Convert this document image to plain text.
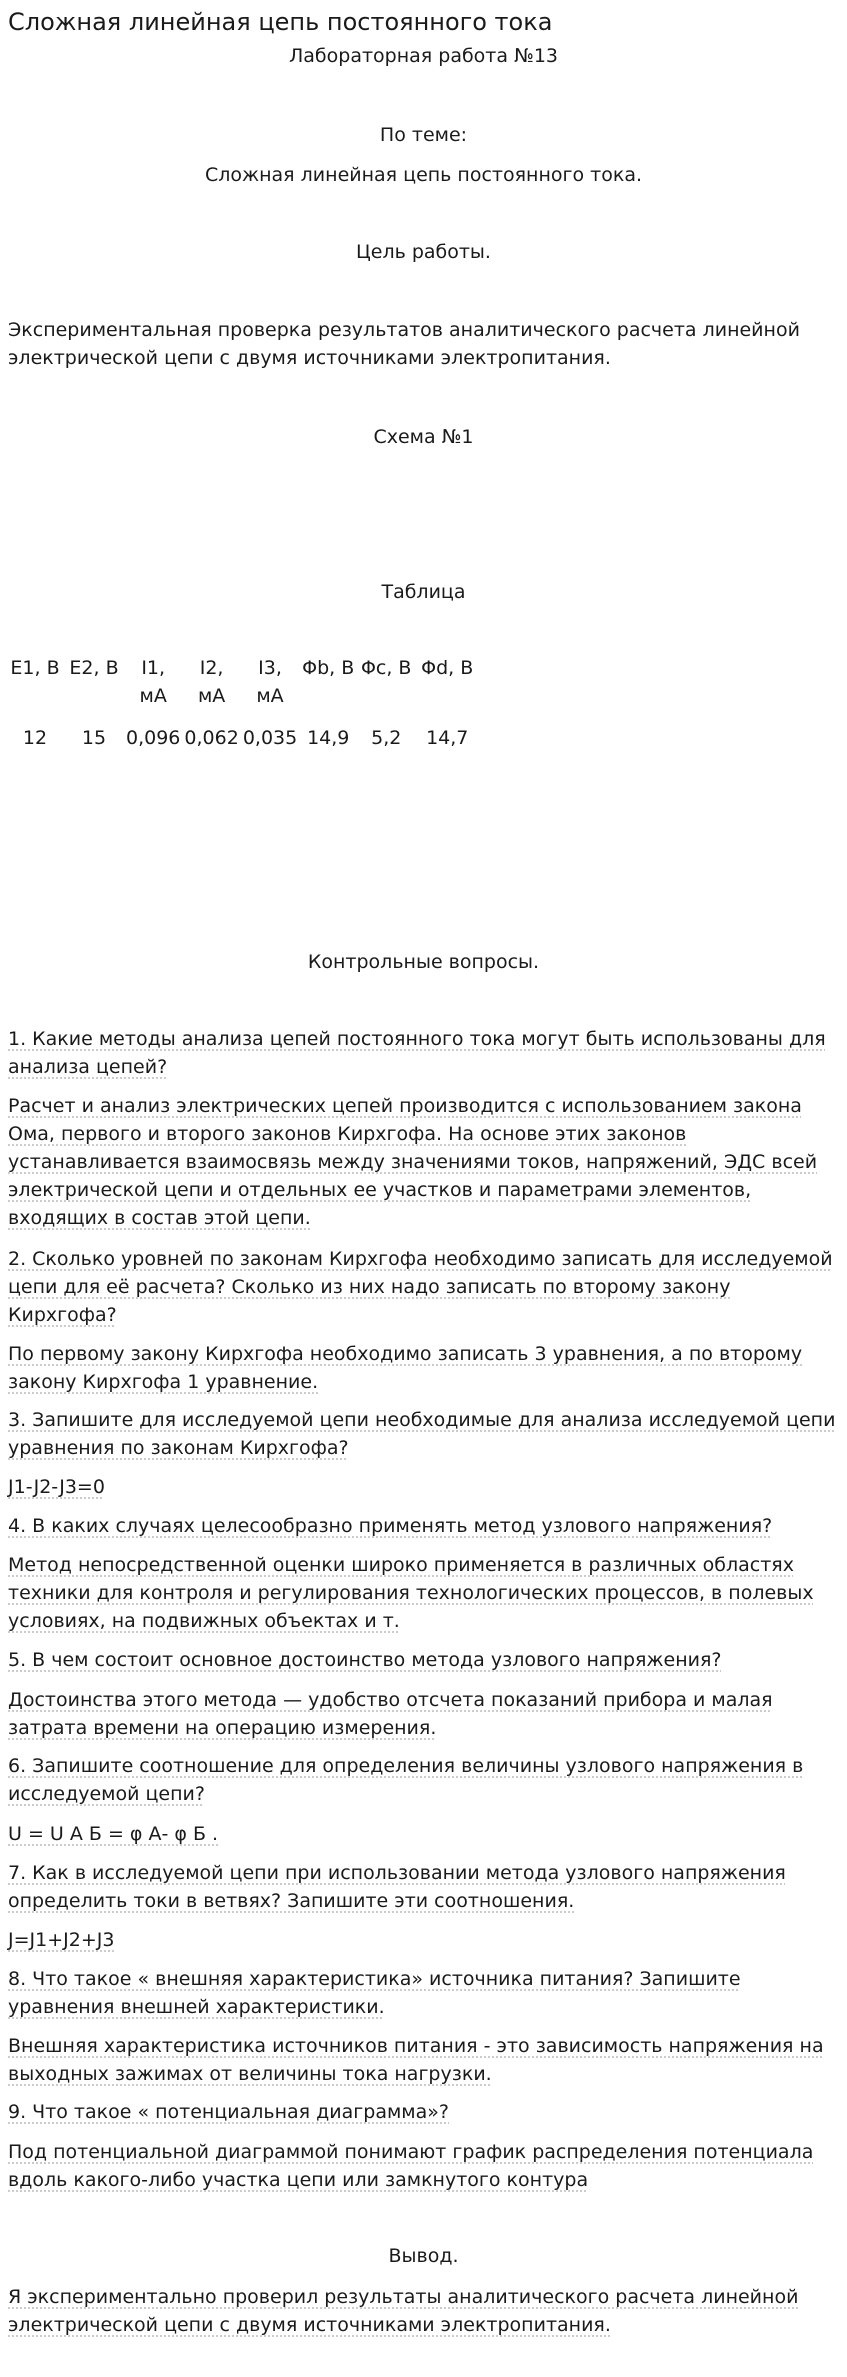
Сложная линейная цепь постоянного тока
Лабораторная работа №13
По теме:
Сложная линейная цепь постоянного тока.
Цель работы.
Экспериментальная проверка результатов аналитического расчета линейной электрической цепи с двумя источниками электропитания.
Схема №1
Таблица
E1, В	E2, В	I1, мА	I2, мА	I3, мА	Φb, В	Φc, В	Φd, В
12	15	0,096	0,062	0,035	14,9	5,2	14,7
Контрольные вопросы.
1. Какие методы анализа цепей постоянного тока могут быть использованы для анализа цепей?
Расчет и анализ электрических цепей производится с использованием закона Ома, первого и второго законов Кирхгофа. На основе этих законов устанавливается взаимосвязь между значениями токов, напряжений, ЭДС всей электрической цепи и отдельных ее участков и параметрами элементов, входящих в состав этой цепи.
2. Сколько уровней по законам Кирхгофа необходимо записать для исследуемой цепи для её расчета? Сколько из них надо записать по второму закону Кирхгофа?
По первому закону Кирхгофа необходимо записать 3 уравнения, а по второму закону Кирхгофа 1 уравнение.
3. Запишите для исследуемой цепи необходимые для анализа исследуемой цепи уравнения по законам Кирхгофа?
J1-J2-J3=0
4. В каких случаях целесообразно применять метод узлового напряжения?
Метод непосредственной оценки широко применяется в различных областях техники для контроля и регулирования технологических процессов, в полевых условиях, на подвижных объектах и т.
5. В чем состоит основное достоинство метода узлового напряжения?
Достоинства этого метода — удобство отсчета показаний прибора и малая затрата времени на операцию измерения.
6. Запишите соотношение для определения величины узлового напряжения в исследуемой цепи?
U = U А Б = φ А- φ Б .
7. Как в исследуемой цепи при использовании метода узлового напряжения определить токи в ветвях? Запишите эти соотношения.
J=J1+J2+J3
8. Что такое « внешняя характеристика» источника питания? Запишите уравнения внешней характеристики.
Внешняя характеристика источников питания - это зависимость напряжения на выходных зажимах от величины тока нагрузки.
9. Что такое « потенциальная диаграмма»?
Под потенциальной диаграммой понимают график распределения потенциала вдоль какого-либо участка цепи или замкнутого контура
Вывод.
Я экспериментально проверил результаты аналитического расчета линейной электрической цепи с двумя источниками электропитания.
